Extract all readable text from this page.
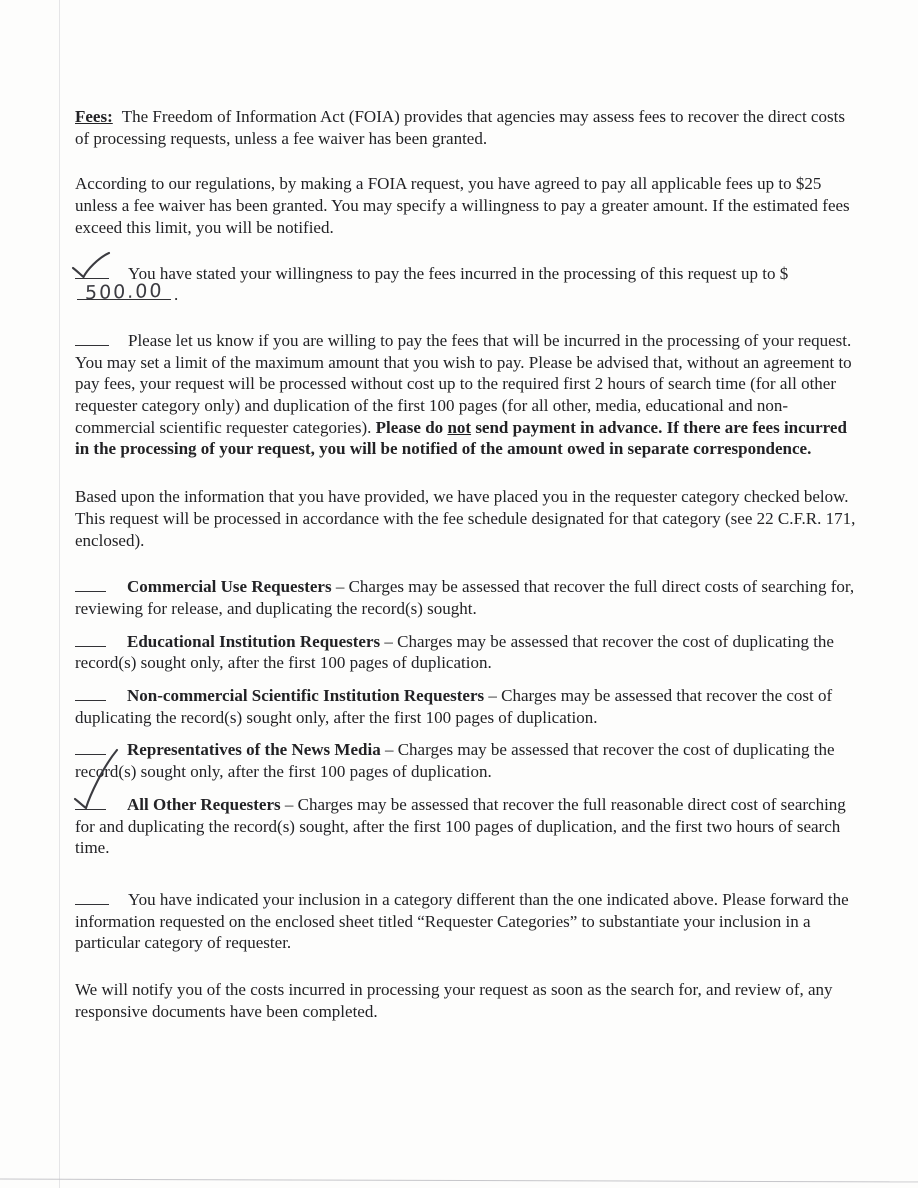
Fees: The Freedom of Information Act (FOIA) provides that agencies may assess fees to recover the direct costs of processing requests, unless a fee waiver has been granted.

According to our regulations, by making a FOIA request, you have agreed to pay all applicable fees up to $25 unless a fee waiver has been granted. You may specify a willingness to pay a greater amount. If the estimated fees exceed this limit, you will be notified.

You have stated your willingness to pay the fees incurred in the processing of this request up to $500.00 .

Please let us know if you are willing to pay the fees that will be incurred in the processing of your request. You may set a limit of the maximum amount that you wish to pay. Please be advised that, without an agreement to pay fees, your request will be processed without cost up to the required first 2 hours of search time (for all other requester category only) and duplication of the first 100 pages (for all other, media, educational and non-commercial scientific requester categories). Please do not send payment in advance. If there are fees incurred in the processing of your request, you will be notified of the amount owed in separate correspondence.

Based upon the information that you have provided, we have placed you in the requester category checked below. This request will be processed in accordance with the fee schedule designated for that category (see 22 C.F.R. 171, enclosed).

Commercial Use Requesters – Charges may be assessed that recover the full direct costs of searching for, reviewing for release, and duplicating the record(s) sought.

Educational Institution Requesters – Charges may be assessed that recover the cost of duplicating the record(s) sought only, after the first 100 pages of duplication.

Non-commercial Scientific Institution Requesters – Charges may be assessed that recover the cost of duplicating the record(s) sought only, after the first 100 pages of duplication.

Representatives of the News Media – Charges may be assessed that recover the cost of duplicating the record(s) sought only, after the first 100 pages of duplication.

All Other Requesters – Charges may be assessed that recover the full reasonable direct cost of searching for and duplicating the record(s) sought, after the first 100 pages of duplication, and the first two hours of search time.

You have indicated your inclusion in a category different than the one indicated above. Please forward the information requested on the enclosed sheet titled “Requester Categories” to substantiate your inclusion in a particular category of requester.

We will notify you of the costs incurred in processing your request as soon as the search for, and review of, any responsive documents have been completed.
